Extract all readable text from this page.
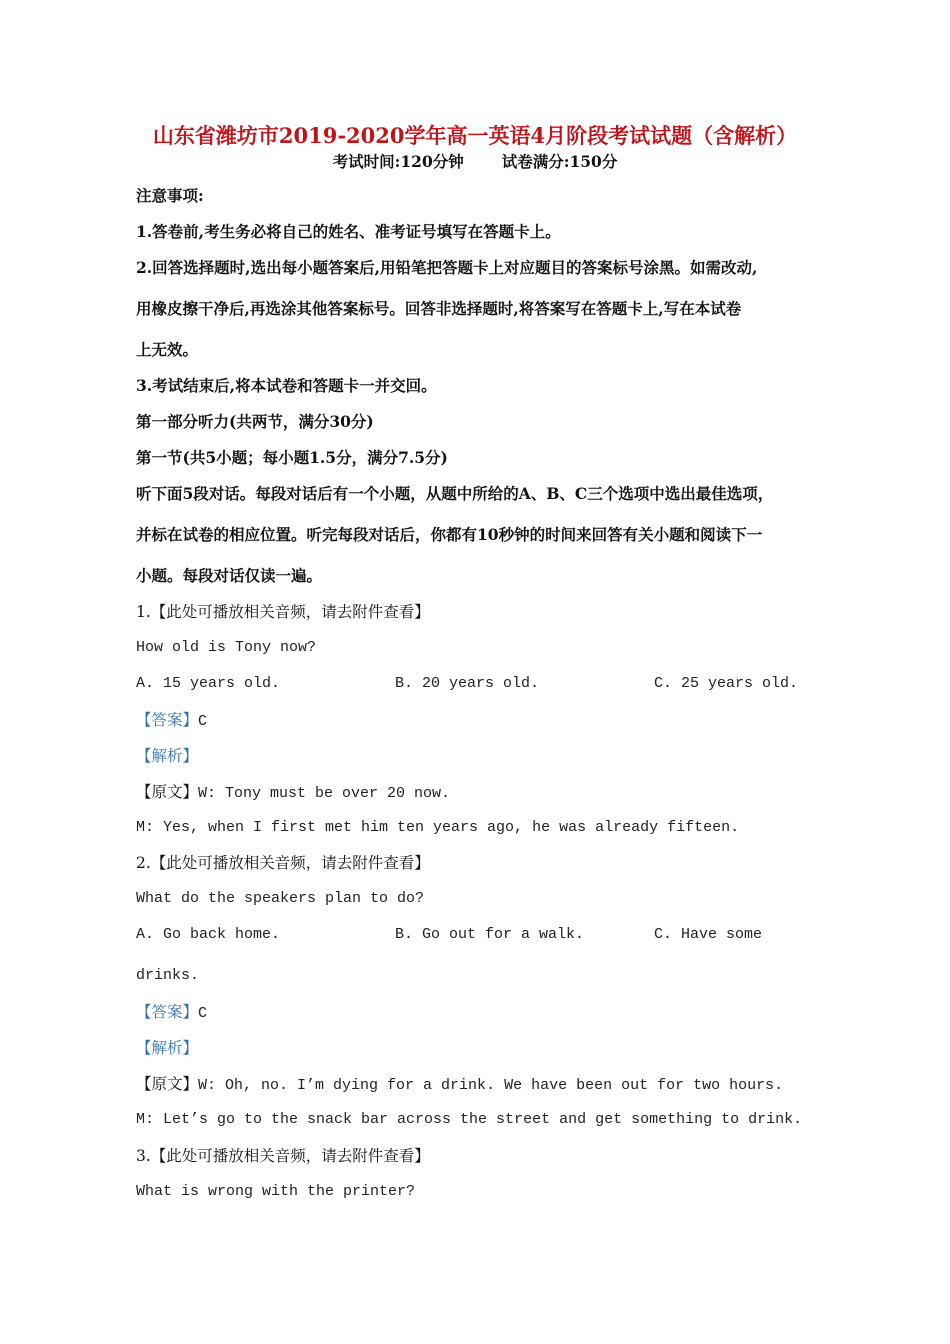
山东省潍坊市2019-2020学年高一英语4月阶段考试试题（含解析）
考试时间:120分钟 试卷满分:150分
注意事项:
1.答卷前,考生务必将自己的姓名、准考证号填写在答题卡上。
2.回答选择题时,选出每小题答案后,用铅笔把答题卡上对应题目的答案标号涂黑。如需改动,
用橡皮擦干净后,再选涂其他答案标号。回答非选择题时,将答案写在答题卡上,写在本试卷
上无效。
3.考试结束后,将本试卷和答题卡一并交回。
第一部分听力(共两节，满分30分)
第一节(共5小题；每小题1.5分，满分7.5分)
听下面5段对话。每段对话后有一个小题，从题中所给的A、B、C三个选项中选出最佳选项，
并标在试卷的相应位置。听完每段对话后，你都有10秒钟的时间来回答有关小题和阅读下一
小题。每段对话仅读一遍。
1.【此处可播放相关音频，请去附件查看】
How old is Tony now?
A. 15 years old.	B. 20 years old.	C. 25 years old.
【答案】C
【解析】
【原文】W: Tony must be over 20 now.
M: Yes, when I first met him ten years ago, he was already fifteen.
2.【此处可播放相关音频，请去附件查看】
What do the speakers plan to do?
A. Go back home.	B. Go out for a walk.	C. Have some
drinks.
【答案】C
【解析】
【原文】W: Oh, no. I’m dying for a drink. We have been out for two hours.
M: Let’s go to the snack bar across the street and get something to drink.
3.【此处可播放相关音频，请去附件查看】
What is wrong with the printer?
